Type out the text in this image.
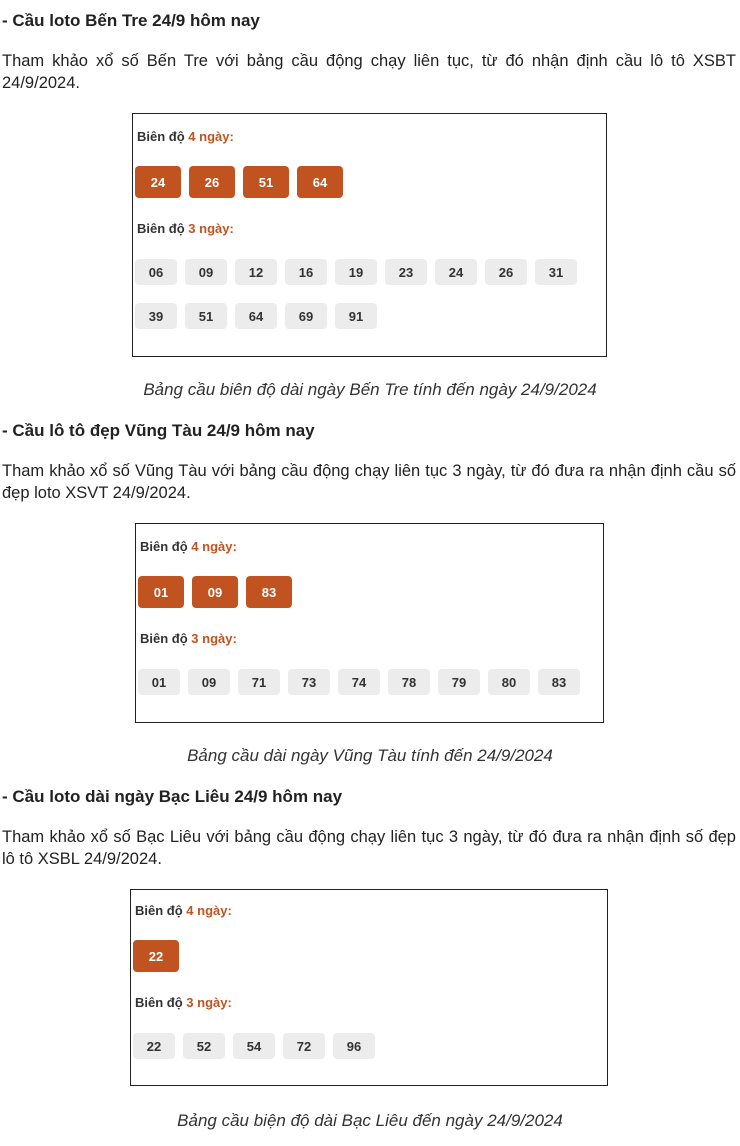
- Cầu loto Bến Tre 24/9 hôm nay

Tham khảo xổ số Bến Tre với bảng cầu động chạy liên tục, từ đó nhận định cầu lô tô XSBT 24/9/2024.

Biên độ 4 ngày:
24	26	51	64
Biên độ 3 ngày:
06	09	12	16	19	23	24	26	31
39	51	64	69	91

Bảng cầu biên độ dài ngày Bến Tre tính đến ngày 24/9/2024

- Cầu lô tô đẹp Vũng Tàu 24/9 hôm nay

Tham khảo xổ số Vũng Tàu với bảng cầu động chạy liên tục 3 ngày, từ đó đưa ra nhận định cầu số đẹp loto XSVT 24/9/2024.

Biên độ 4 ngày:
01	09	83
Biên độ 3 ngày:
01	09	71	73	74	78	79	80	83

Bảng cầu dài ngày Vũng Tàu tính đến 24/9/2024

- Cầu loto dài ngày Bạc Liêu 24/9 hôm nay

Tham khảo xổ số Bạc Liêu với bảng cầu động chạy liên tục 3 ngày, từ đó đưa ra nhận định số đẹp lô tô XSBL 24/9/2024.

Biên độ 4 ngày:
22
Biên độ 3 ngày:
22	52	54	72	96

Bảng cầu biện độ dài Bạc Liêu đến ngày 24/9/2024
